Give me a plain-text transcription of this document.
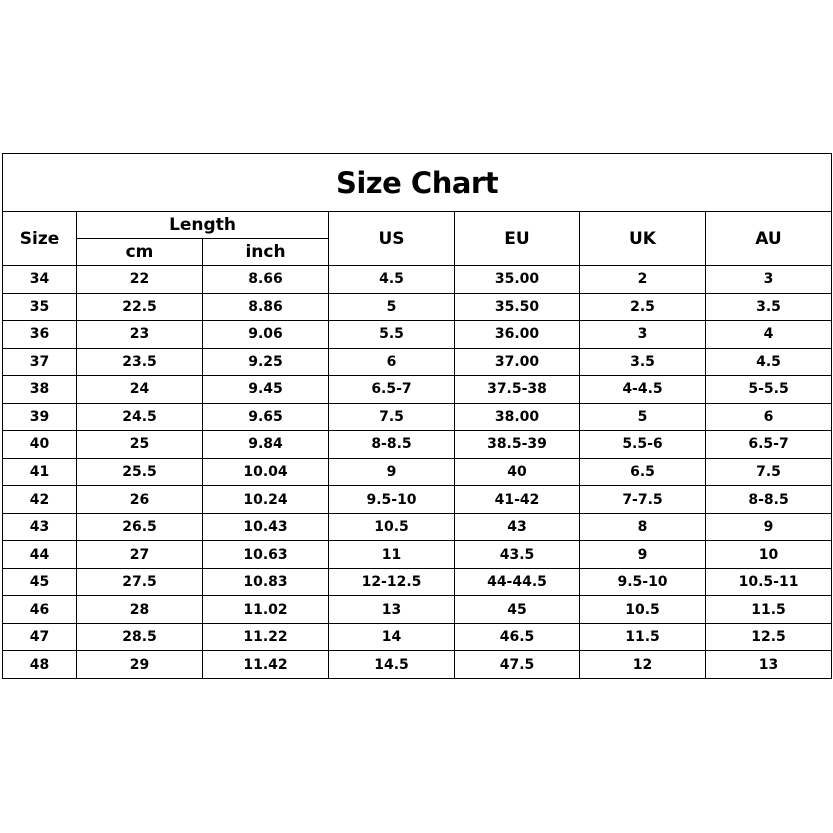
Size Chart						
Size	Length		US	EU	UK	AU
	cm	inch				
34	22	8.66	4.5	35.00	2	3
35	22.5	8.86	5	35.50	2.5	3.5
36	23	9.06	5.5	36.00	3	4
37	23.5	9.25	6	37.00	3.5	4.5
38	24	9.45	6.5-7	37.5-38	4-4.5	5-5.5
39	24.5	9.65	7.5	38.00	5	6
40	25	9.84	8-8.5	38.5-39	5.5-6	6.5-7
41	25.5	10.04	9	40	6.5	7.5
42	26	10.24	9.5-10	41-42	7-7.5	8-8.5
43	26.5	10.43	10.5	43	8	9
44	27	10.63	11	43.5	9	10
45	27.5	10.83	12-12.5	44-44.5	9.5-10	10.5-11
46	28	11.02	13	45	10.5	11.5
47	28.5	11.22	14	46.5	11.5	12.5
48	29	11.42	14.5	47.5	12	13
